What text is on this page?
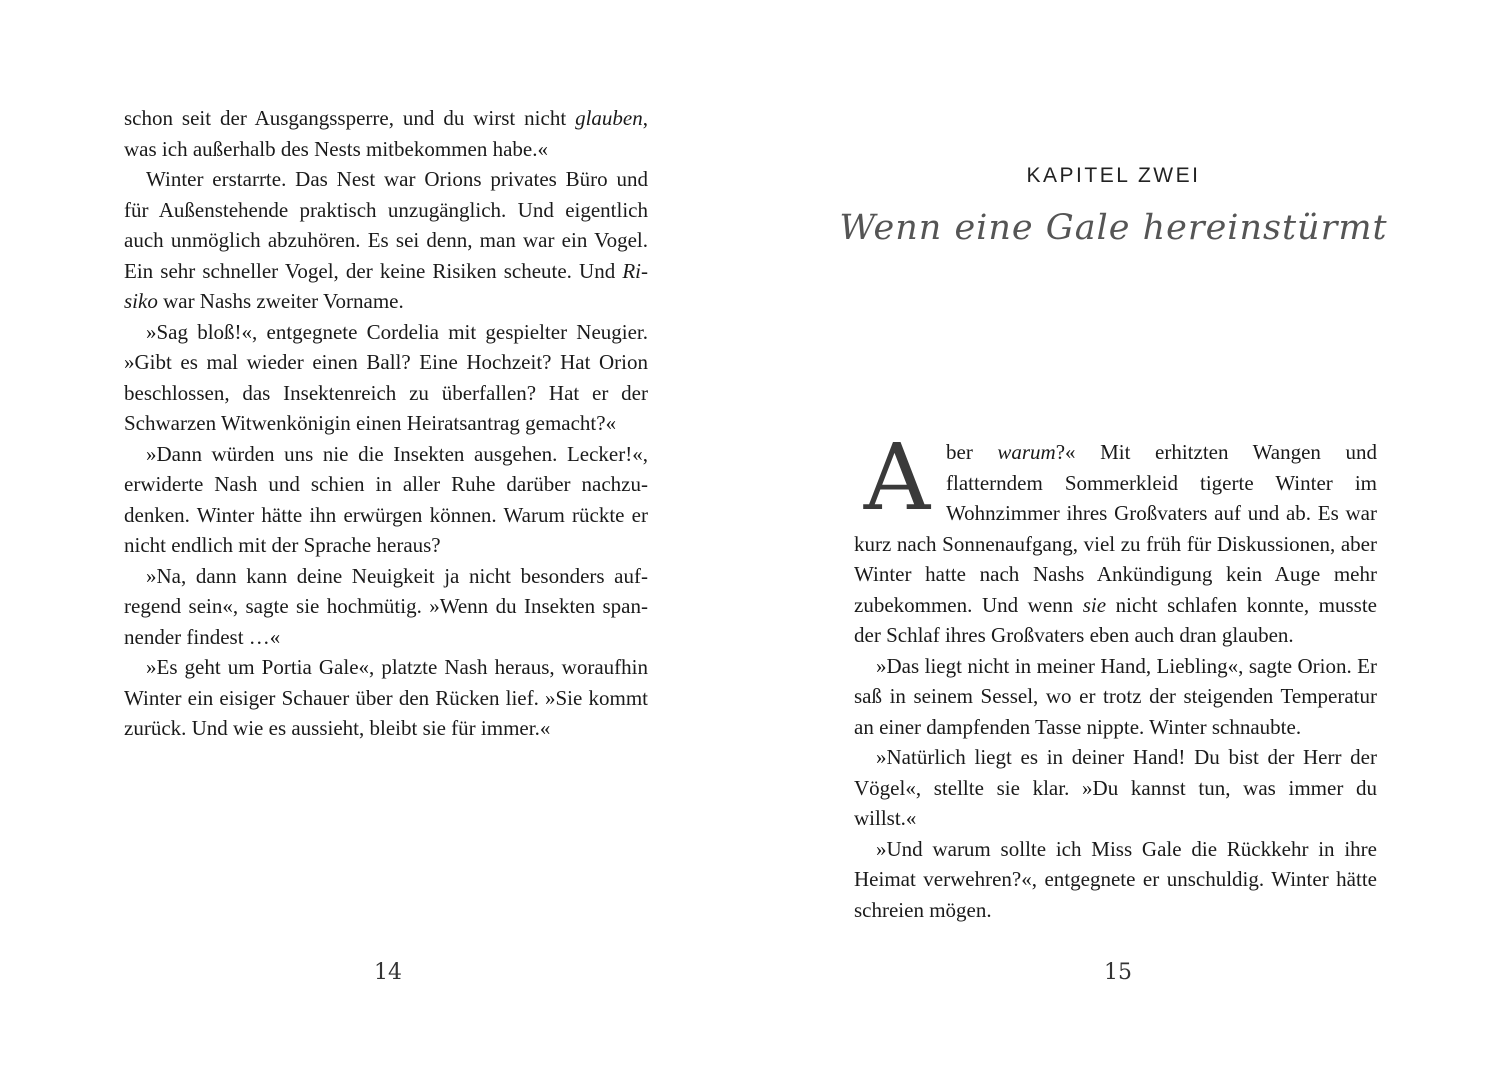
schon seit der Ausgangssperre, und du wirst nicht glauben, was ich außerhalb des Nests mitbekommen habe.«

Winter erstarrte. Das Nest war Orions privates Büro und für Außenstehende praktisch unzugänglich. Und eigentlich auch unmöglich abzuhören. Es sei denn, man war ein Vogel. Ein sehr schneller Vogel, der keine Risiken scheute. Und Risiko war Nashs zweiter Vorname.

»Sag bloß!«, entgegnete Cordelia mit gespielter Neugier. »Gibt es mal wieder einen Ball? Eine Hochzeit? Hat Orion beschlossen, das Insektenreich zu überfallen? Hat er der Schwarzen Witwenkönigin einen Heiratsantrag gemacht?«

»Dann würden uns nie die Insekten ausgehen. Lecker!«, erwiderte Nash und schien in aller Ruhe darüber nachzudenken. Winter hätte ihn erwürgen können. Warum rückte er nicht endlich mit der Sprache heraus?

»Na, dann kann deine Neuigkeit ja nicht besonders aufregend sein«, sagte sie hochmütig. »Wenn du Insekten spannender findest …«

»Es geht um Portia Gale«, platzte Nash heraus, woraufhin Winter ein eisiger Schauer über den Rücken lief. »Sie kommt zurück. Und wie es aussieht, bleibt sie für immer.«

14
KAPITEL ZWEI
Wenn eine Gale hereinstürmt

Aber warum?« Mit erhitzten Wangen und flatterndem Sommerkleid tigerte Winter im Wohnzimmer ihres Großvaters auf und ab. Es war kurz nach Sonnenaufgang, viel zu früh für Diskussionen, aber Winter hatte nach Nashs Ankündigung kein Auge mehr zubekommen. Und wenn sie nicht schlafen konnte, musste der Schlaf ihres Großvaters eben auch dran glauben.

»Das liegt nicht in meiner Hand, Liebling«, sagte Orion. Er saß in seinem Sessel, wo er trotz der steigenden Temperatur an einer dampfenden Tasse nippte. Winter schnaubte.

»Natürlich liegt es in deiner Hand! Du bist der Herr der Vögel«, stellte sie klar. »Du kannst tun, was immer du willst.«

»Und warum sollte ich Miss Gale die Rückkehr in ihre Heimat verwehren?«, entgegnete er unschuldig. Winter hätte schreien mögen.

15
